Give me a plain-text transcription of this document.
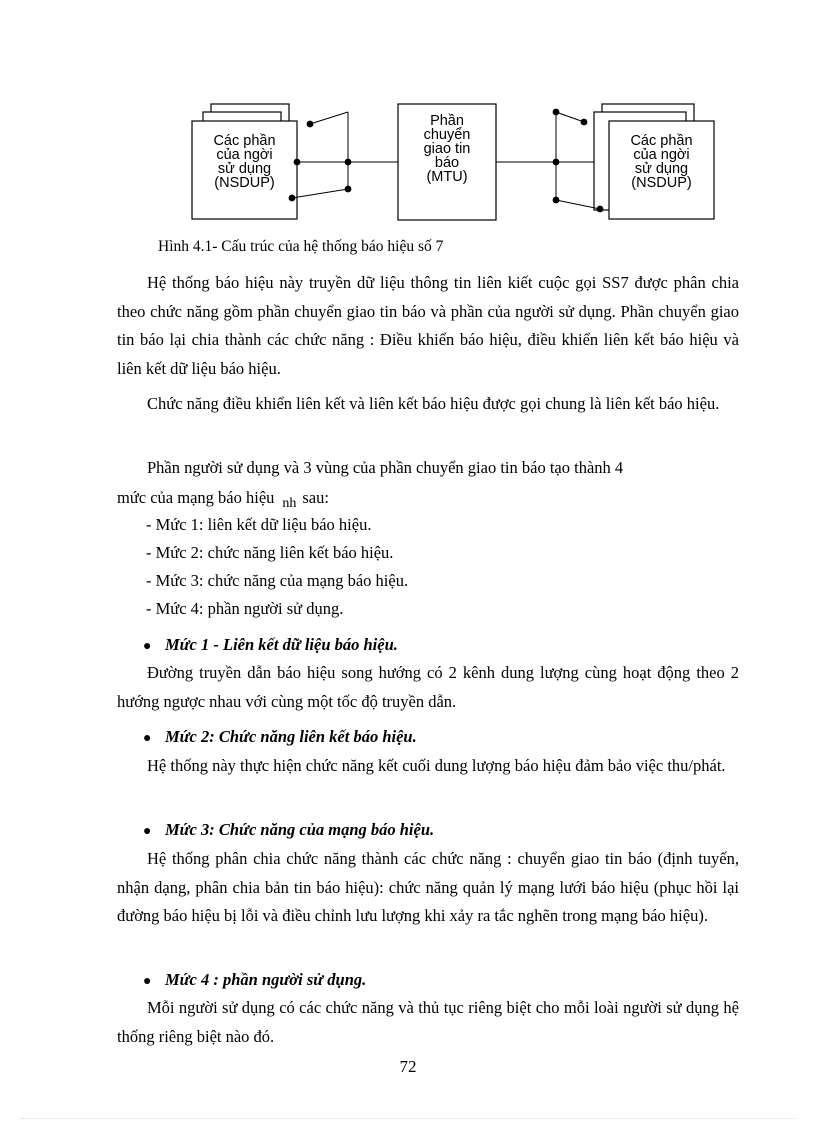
Các phần
của ngời
sử dụng
(NSDUP)
Phần
chuyển
giao tin
báo
(MTU)
Các phần
của ngời
sử dụng
(NSDUP)
Hình 4.1- Cấu trúc của hệ thống báo hiệu số 7

Hệ thống báo hiệu này truyền dữ liệu thông tin liên kiết cuộc gọi SS7 được phân chia theo chức năng gồm phần chuyển giao tin báo và phần của người sử dụng. Phần chuyển giao tin báo lại chia thành các chức năng : Điều khiển báo hiệu, điều khiển liên kết báo hiệu và liên kết dữ liệu báo hiệu.

Chức năng điều khiển liên kết và liên kết báo hiệu được gọi chung là liên kết báo hiệu.

Phần người sử dụng và 3 vùng của phần chuyển giao tin báo tạo thành 4

mức của mạng báo hiệu nh sau:
- Mức 1: liên kết dữ liệu báo hiệu.
- Mức 2: chức năng liên kết báo hiệu.
- Mức 3: chức năng của mạng báo hiệu.
- Mức 4: phần người sử dụng.
● Mức 1 - Liên kết dữ liệu báo hiệu.

Đường truyền dẫn báo hiệu song hướng có 2 kênh dung lượng cùng hoạt động theo 2 hướng ngược nhau với cùng một tốc độ truyền dẫn.

● Mức 2: Chức năng liên kết báo hiệu.

Hệ thống này thực hiện chức năng kết cuối dung lượng báo hiệu đảm bảo việc thu/phát.

● Mức 3: Chức năng của mạng báo hiệu.

Hệ thống phân chia chức năng thành các chức năng : chuyển giao tin báo (định tuyến, nhận dạng, phân chia bản tin báo hiệu): chức năng quản lý mạng lưới báo hiệu (phục hồi lại đường báo hiệu bị lỗi và điều chỉnh lưu lượng khi xảy ra tắc nghẽn trong mạng báo hiệu).

● Mức 4 : phần người sử dụng.

Mỗi người sử dụng có các chức năng và thủ tục riêng biệt cho mỗi loài người sử dụng hệ thống riêng biệt nào đó.

72
